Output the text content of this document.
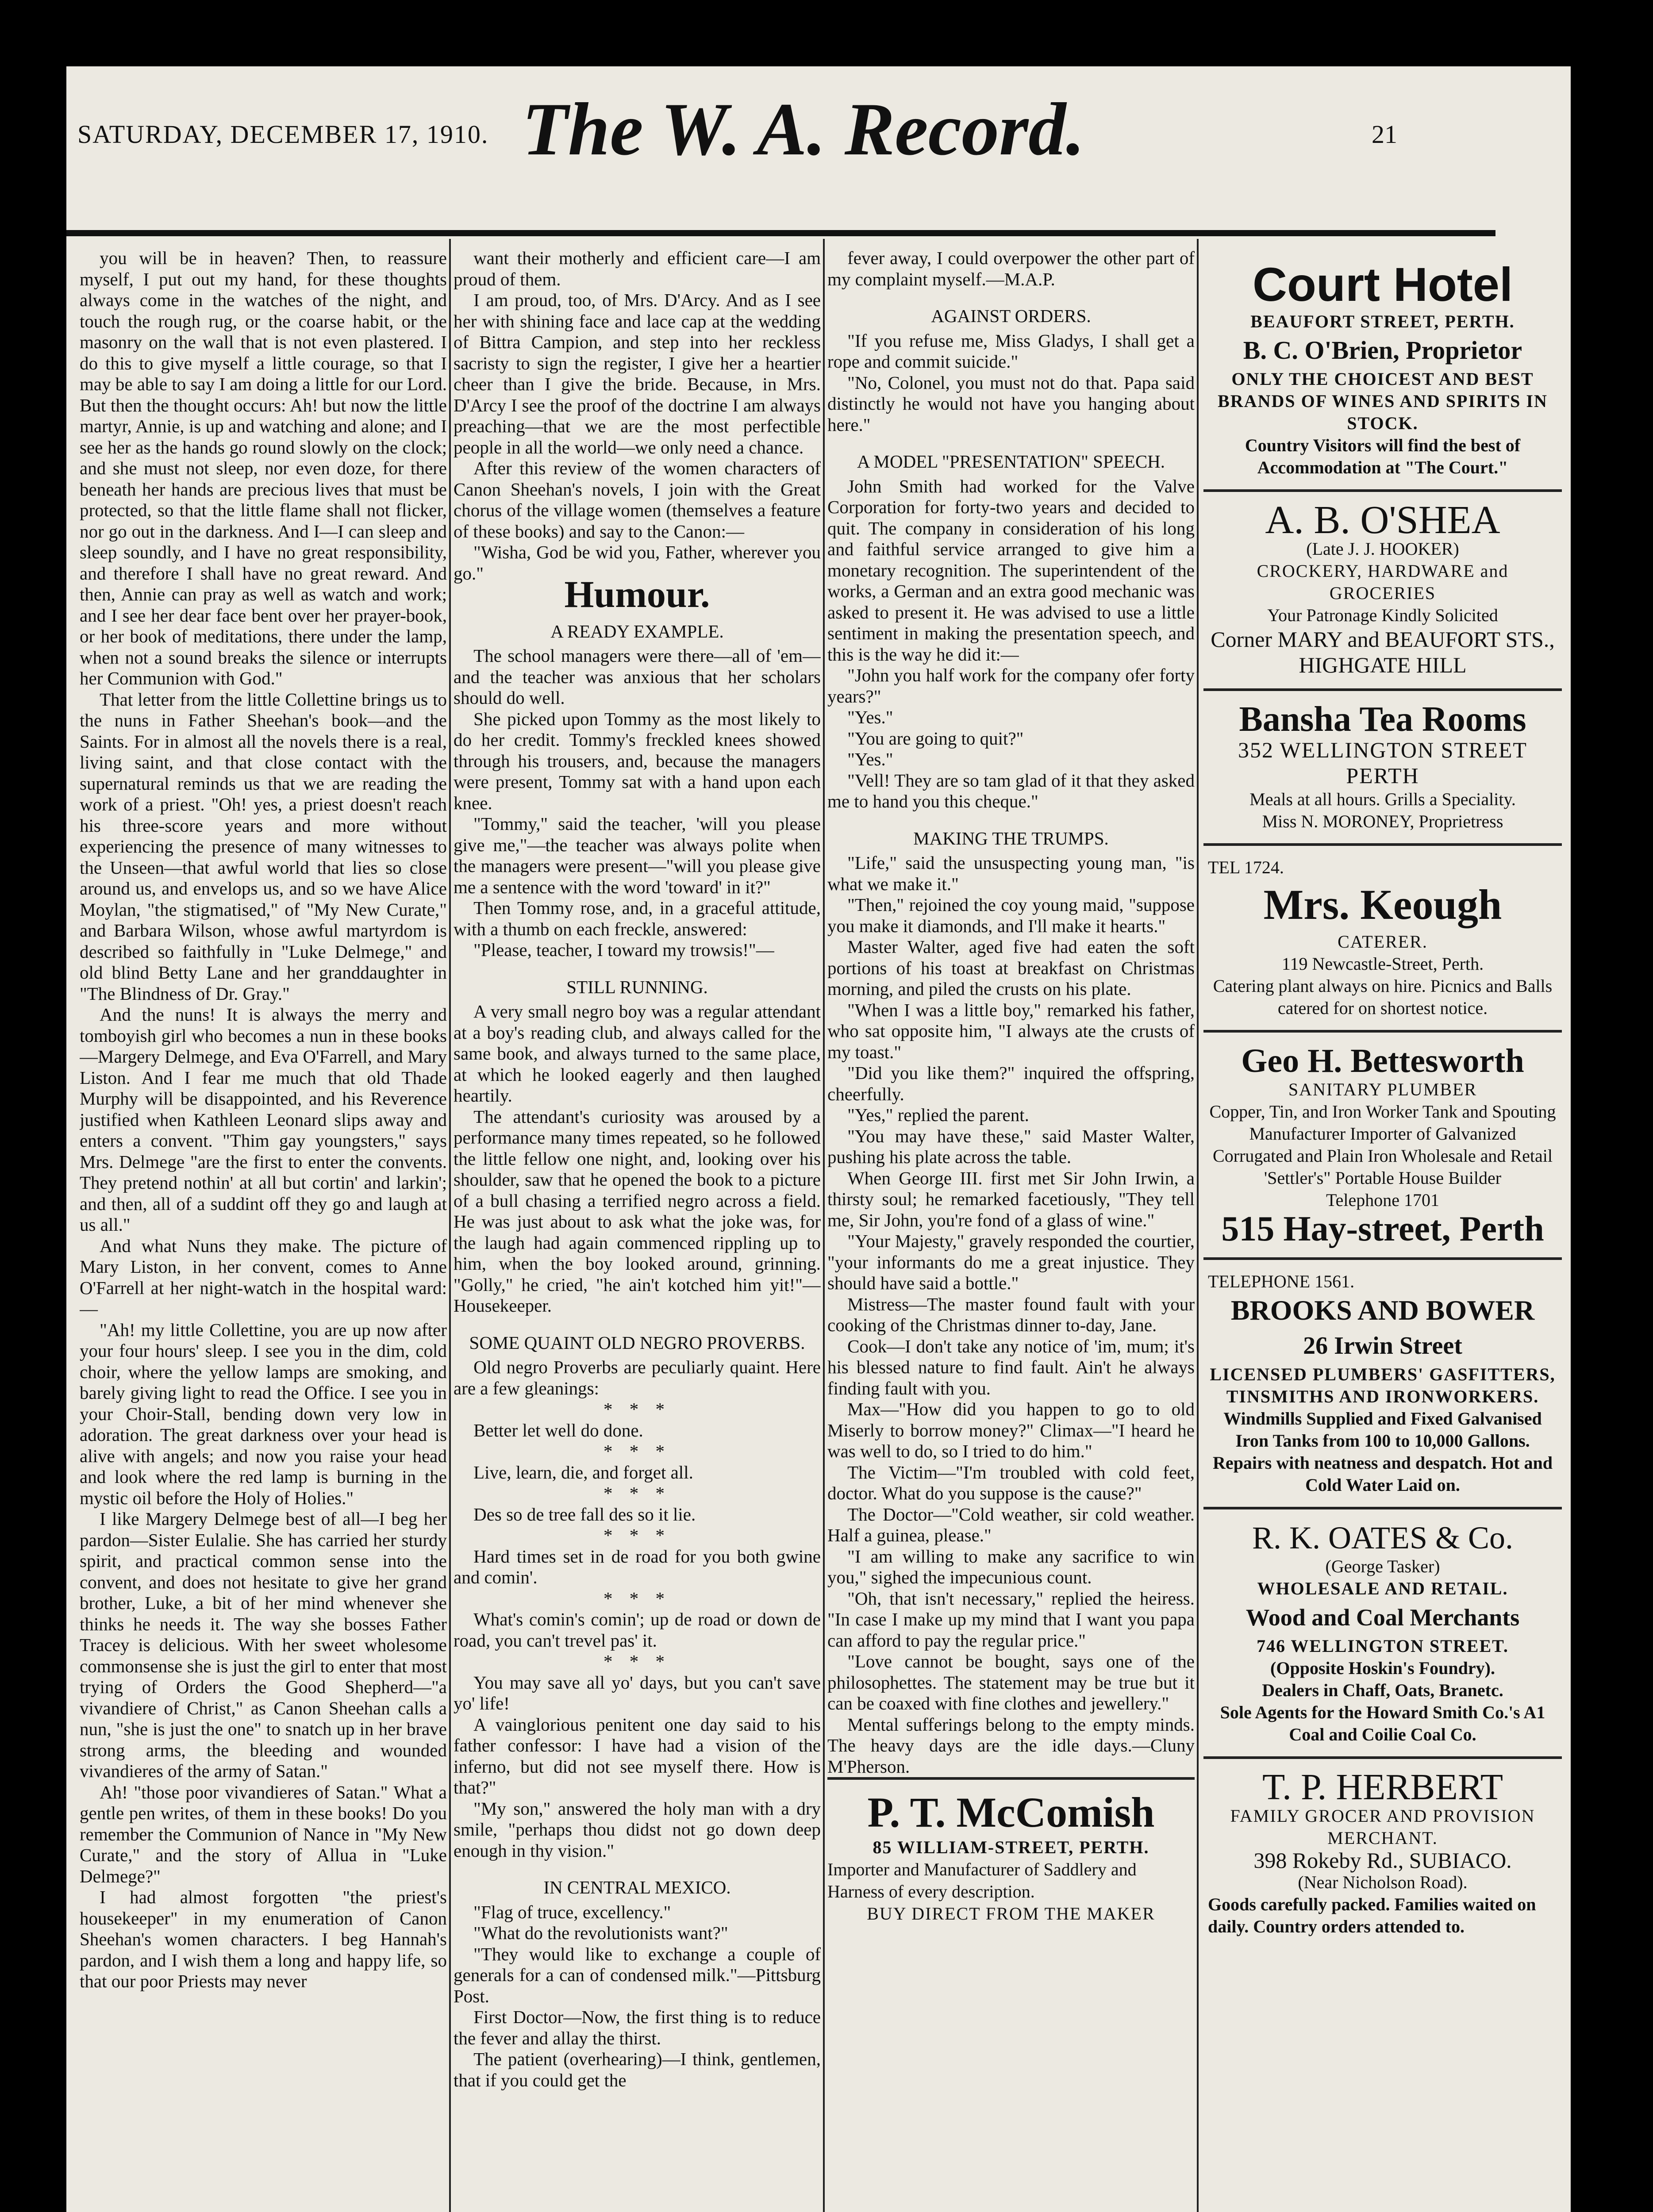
SATURDAY, DECEMBER 17, 1910. The W. A. Record.	21

you will be in heaven? Then, to reassure myself, I put out my hand, for these thoughts always come in the watches of the night, and touch the rough rug, or the coarse habit, or the masonry on the wall that is not even plastered. I do this to give myself a little courage, so that I may be able to say I am doing a little for our Lord. But then the thought occurs: Ah! but now the little martyr, Annie, is up and watching and alone; and I see her as the hands go round slowly on the clock; and she must not sleep, nor even doze, for there beneath her hands are precious lives that must be protected, so that the little flame shall not flicker, nor go out in the darkness. And I—I can sleep and sleep soundly, and I have no great responsibility, and therefore I shall have no great reward. And then, Annie can pray as well as watch and work; and I see her dear face bent over her prayer-book, or her book of meditations, there under the lamp, when not a sound breaks the silence or interrupts her Communion with God."

That letter from the little Collettine brings us to the nuns in Father Sheehan's book—and the Saints. For in almost all the novels there is a real, living saint, and that close contact with the supernatural reminds us that we are reading the work of a priest. "Oh! yes, a priest doesn't reach his three-score years and more without experiencing the presence of many witnesses to the Unseen—that awful world that lies so close around us, and envelops us, and so we have Alice Moylan, "the stigmatised," of "My New Curate," and Barbara Wilson, whose awful martyrdom is described so faithfully in "Luke Delmege," and old blind Betty Lane and her granddaughter in "The Blindness of Dr. Gray."

And the nuns! It is always the merry and tomboyish girl who becomes a nun in these books—Margery Delmege, and Eva O'Farrell, and Mary Liston. And I fear me much that old Thade Murphy will be disappointed, and his Reverence justified when Kathleen Leonard slips away and enters a convent. "Thim gay youngsters," says Mrs. Delmege "are the first to enter the convents. They pretend nothin' at all but cortin' and larkin'; and then, all of a suddint off they go and laugh at us all."

And what Nuns they make. The picture of Mary Liston, in her convent, comes to Anne O'Farrell at her night-watch in the hospital ward:—

"Ah! my little Collettine, you are up now after your four hours' sleep. I see you in the dim, cold choir, where the yellow lamps are smoking, and barely giving light to read the Office. I see you in your Choir-Stall, bending down very low in adoration. The great darkness over your head is alive with angels; and now you raise your head and look where the red lamp is burning in the mystic oil before the Holy of Holies."

I like Margery Delmege best of all—I beg her pardon—Sister Eulalie. She has carried her sturdy spirit, and practical common sense into the convent, and does not hesitate to give her grand brother, Luke, a bit of her mind whenever she thinks he needs it. The way she bosses Father Tracey is delicious. With her sweet wholesome commonsense she is just the girl to enter that most trying of Orders the Good Shepherd—"a vivandiere of Christ," as Canon Sheehan calls a nun, "she is just the one" to snatch up in her brave strong arms, the bleeding and wounded vivandieres of the army of Satan."

Ah! "those poor vivandieres of Satan." What a gentle pen writes, of them in these books! Do you remember the Communion of Nance in "My New Curate," and the story of Allua in "Luke Delmege?"

I had almost forgotten "the priest's housekeeper" in my enumeration of Canon Sheehan's women characters. I beg Hannah's pardon, and I wish them a long and happy life, so that our poor Priests may never

want their motherly and efficient care—I am proud of them.

I am proud, too, of Mrs. D'Arcy. And as I see her with shining face and lace cap at the wedding of Bittra Campion, and step into her reckless sacristy to sign the register, I give her a heartier cheer than I give the bride. Because, in Mrs. D'Arcy I see the proof of the doctrine I am always preaching—that we are the most perfectible people in all the world—we only need a chance.

After this review of the women characters of Canon Sheehan's novels, I join with the Great chorus of the village women (themselves a feature of these books) and say to the Canon:—

"Wisha, God be wid you, Father, wherever you go."	Humour.

A READY EXAMPLE.

The school managers were there—all of 'em—and the teacher was anxious that her scholars should do well.

She picked upon Tommy as the most likely to do her credit. Tommy's freckled knees showed through his trousers, and, because the managers were present, Tommy sat with a hand upon each knee.

"Tommy," said the teacher, 'will you please give me,"—the teacher was always polite when the managers were present—"will you please give me a sentence with the word 'toward' in it?"

Then Tommy rose, and, in a graceful attitude, with a thumb on each freckle, answered:

"Please, teacher, I toward my trowsis!"—

STILL RUNNING.

A very small negro boy was a regular attendant at a boy's reading club, and always called for the same book, and always turned to the same place, at which he looked eagerly and then laughed heartily.

The attendant's curiosity was aroused by a performance many times repeated, so he followed the little fellow one night, and, looking over his shoulder, saw that he opened the book to a picture of a bull chasing a terrified negro across a field. He was just about to ask what the joke was, for the laugh had again commenced rippling up to him, when the boy looked around, grinning. "Golly," he cried, "he ain't kotched him yit!"—Housekeeper.

SOME QUAINT OLD NEGRO PROVERBS.

Old negro Proverbs are peculiarly quaint. Here are a few gleanings:

* * *

Better let well do done.

* * *

Live, learn, die, and forget all.

* * *

Des so de tree fall des so it lie.

* * *

Hard times set in de road for you both gwine and comin'.

* * *

What's comin's comin'; up de road or down de road, you can't trevel pas' it.

* * *

You may save all yo' days, but you can't save yo' life!

A vainglorious penitent one day said to his father confessor: I have had a vision of the inferno, but did not see myself there. How is that?"

"My son," answered the holy man with a dry smile, "perhaps thou didst not go down deep enough in thy vision."

IN CENTRAL MEXICO.

"Flag of truce, excellency."

"What do the revolutionists want?"

"They would like to exchange a couple of generals for a can of condensed milk."—Pittsburg Post.

First Doctor—Now, the first thing is to reduce the fever and allay the thirst.

The patient (overhearing)—I think, gentlemen, that if you could get the

fever away, I could overpower the other part of my complaint myself.—M.A.P.

AGAINST ORDERS.

"If you refuse me, Miss Gladys, I shall get a rope and commit suicide."

"No, Colonel, you must not do that. Papa said distinctly he would not have you hanging about here."

A MODEL "PRESENTATION" SPEECH.

John Smith had worked for the Valve Corporation for forty-two years and decided to quit. The company in consideration of his long and faithful service arranged to give him a monetary recognition. The superintendent of the works, a German and an extra good mechanic was asked to present it. He was advised to use a little sentiment in making the presentation speech, and this is the way he did it:—

"John you half work for the company ofer forty years?"

"Yes."

"You are going to quit?"

"Yes."

"Vell! They are so tam glad of it that they asked me to hand you this cheque."

MAKING THE TRUMPS.

"Life," said the unsuspecting young man, "is what we make it."

"Then," rejoined the coy young maid, "suppose you make it diamonds, and I'll make it hearts."

Master Walter, aged five had eaten the soft portions of his toast at breakfast on Christmas morning, and piled the crusts on his plate.

"When I was a little boy," remarked his father, who sat opposite him, "I always ate the crusts of my toast."

"Did you like them?" inquired the offspring, cheerfully.

"Yes," replied the parent.

"You may have these," said Master Walter, pushing his plate across the table.

When George III. first met Sir John Irwin, a thirsty soul; he remarked facetiously, "They tell me, Sir John, you're fond of a glass of wine."

"Your Majesty," gravely responded the courtier, "your informants do me a great injustice. They should have said a bottle."

Mistress—The master found fault with your cooking of the Christmas dinner to-day, Jane.

Cook—I don't take any notice of 'im, mum; it's his blessed nature to find fault. Ain't he always finding fault with you.

Max—"How did you happen to go to old Miserly to borrow money?" Climax—"I heard he was well to do, so I tried to do him."

The Victim—"I'm troubled with cold feet, doctor. What do you suppose is the cause?"

The Doctor—"Cold weather, sir cold weather. Half a guinea, please."

"I am willing to make any sacrifice to win you," sighed the impecunious count.

"Oh, that isn't necessary," replied the heiress. "In case I make up my mind that I want you papa can afford to pay the regular price."

"Love cannot be bought, says one of the philosophettes. The statement may be true but it can be coaxed with fine clothes and jewellery."

Mental sufferings belong to the empty minds. The heavy days are the idle days.—Cluny M'Pherson.

P. T. McComish
85 WILLIAM-STREET, PERTH.
Importer and Manufacturer of Saddlery and Harness of every description.
BUY DIRECT FROM THE MAKER
Court Hotel
BEAUFORT STREET, PERTH.
B. C. O'Brien, Proprietor
ONLY THE CHOICEST AND BEST BRANDS OF WINES AND SPIRITS IN STOCK.
Country Visitors will find the best of Accommodation at "The Court."
A. B. O'SHEA
(Late J. J. HOOKER)
CROCKERY, HARDWARE and GROCERIES
Your Patronage Kindly Solicited
Corner MARY and BEAUFORT STS., HIGHGATE HILL
Bansha Tea Rooms
352 WELLINGTON STREET PERTH
Meals at all hours. Grills a Speciality.
Miss N. MORONEY, Proprietress
TEL 1724.
Mrs. Keough
CATERER.
119 Newcastle-Street, Perth.
Catering plant always on hire. Picnics and Balls catered for on shortest notice.
Geo H. Bettesworth
SANITARY PLUMBER
Copper, Tin, and Iron Worker Tank and Spouting Manufacturer Importer of Galvanized Corrugated and Plain Iron Wholesale and Retail
'Settler's" Portable House Builder
Telephone 1701
515 Hay-street, Perth
TELEPHONE 1561.
BROOKS AND BOWER
26 Irwin Street
LICENSED PLUMBERS' GASFITTERS, TINSMITHS AND IRONWORKERS.
Windmills Supplied and Fixed Galvanised Iron Tanks from 100 to 10,000 Gallons. Repairs with neatness and despatch. Hot and Cold Water Laid on.
R. K. OATES & Co.
(George Tasker)
WHOLESALE AND RETAIL.
Wood and Coal Merchants
746 WELLINGTON STREET.
(Opposite Hoskin's Foundry).
Dealers in Chaff, Oats, Branetc.
Sole Agents for the Howard Smith Co.'s A1 Coal and Coilie Coal Co.
T. P. HERBERT
FAMILY GROCER AND PROVISION MERCHANT.
398 Rokeby Rd., SUBIACO.
(Near Nicholson Road).
Goods carefully packed. Families waited on daily. Country orders attended to.
